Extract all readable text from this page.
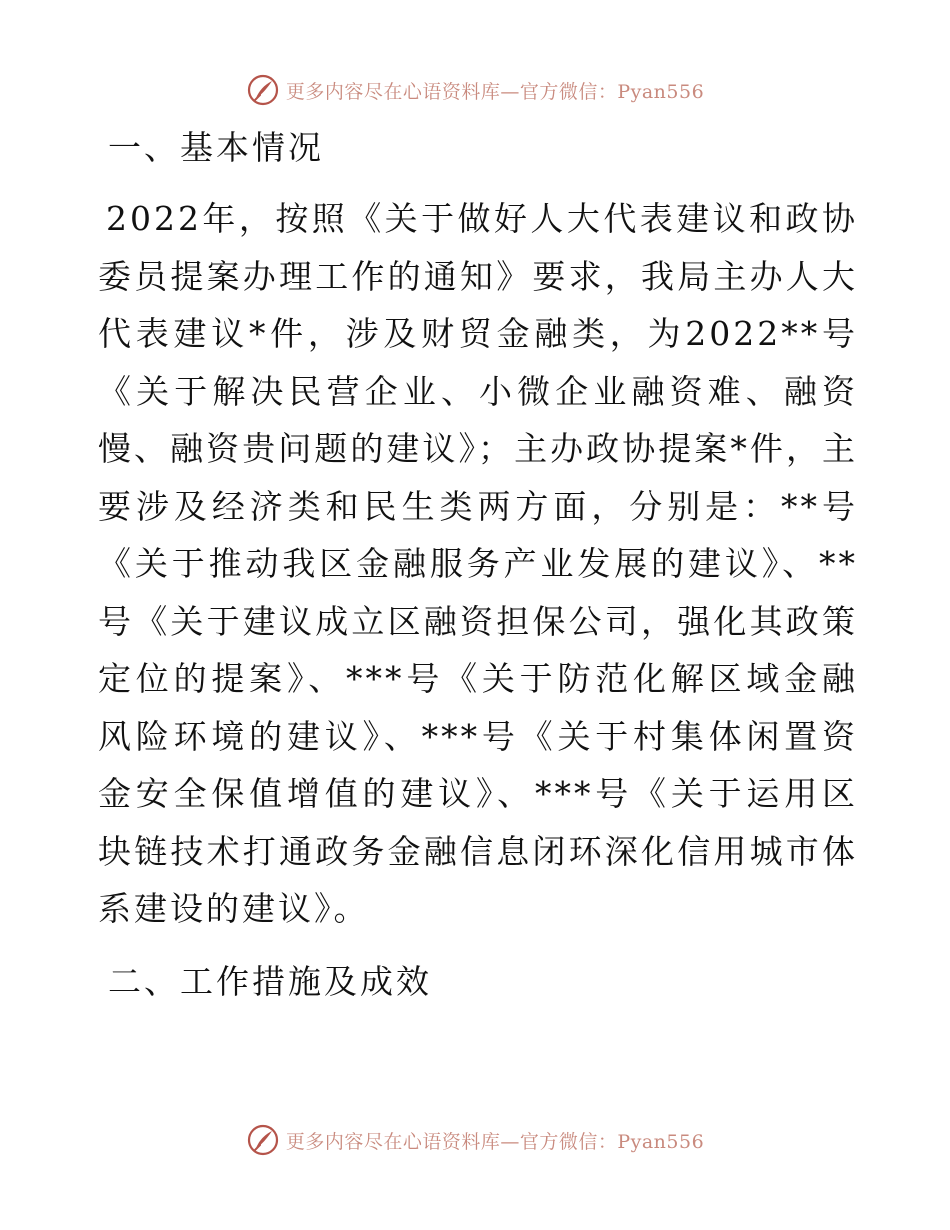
更多内容尽在心语资料库—官方微信：Pyan556
一、基本情况

2022年，按照《关于做好人大代表建议和政协委员提案办理工作的通知》要求，我局主办人大代表建议*件，涉及财贸金融类，为2022**号《关于解决民营企业、小微企业融资难、融资慢、融资贵问题的建议》；主办政协提案*件，主要涉及经济类和民生类两方面，分别是：**号《关于推动我区金融服务产业发展的建议》、**号《关于建议成立区融资担保公司，强化其政策定位的提案》、***号《关于防范化解区域金融风险环境的建议》、***号《关于村集体闲置资金安全保值增值的建议》、***号《关于运用区块链技术打通政务金融信息闭环深化信用城市体系建设的建议》。

二、工作措施及成效
更多内容尽在心语资料库—官方微信：Pyan556
